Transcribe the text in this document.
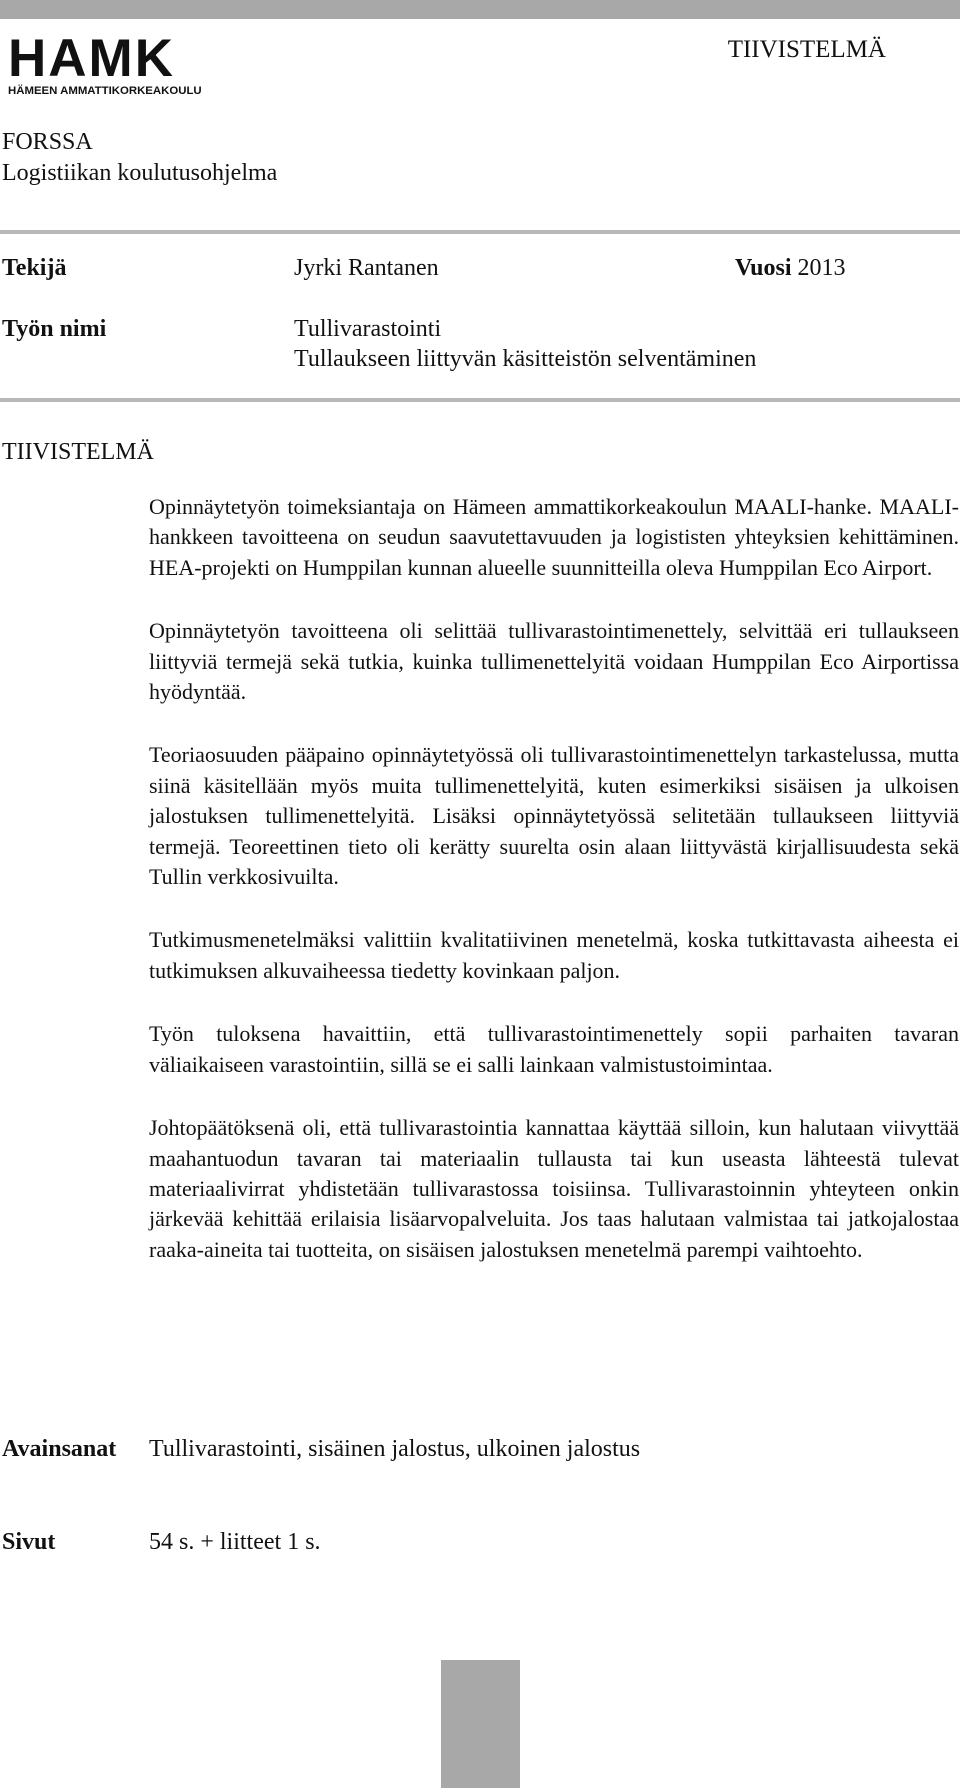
HAMK
HÄMEEN AMMATTIKORKEAKOULU
TIIVISTELMÄ
FORSSA
Logistiikan koulutusohjelma
Tekijä	Jyrki Rantanen	Vuosi 2013
Työn nimi	Tullivarastointi
Tullaukseen liittyvän käsitteistön selventäminen
TIIVISTELMÄ

Opinnäytetyön toimeksiantaja on Hämeen ammattikorkeakoulun MAALI-hanke. MAALI-hankkeen tavoitteena on seudun saavutettavuuden ja logististen yhteyksien kehittäminen. HEA-projekti on Humppilan kunnan alueelle suunnitteilla oleva Humppilan Eco Airport.

Opinnäytetyön tavoitteena oli selittää tullivarastointimenettely, selvittää eri tullaukseen liittyviä termejä sekä tutkia, kuinka tullimenettelyitä voidaan Humppilan Eco Airportissa hyödyntää.

Teoriaosuuden pääpaino opinnäytetyössä oli tullivarastointimenettelyn tarkastelussa, mutta siinä käsitellään myös muita tullimenettelyitä, kuten esimerkiksi sisäisen ja ulkoisen jalostuksen tullimenettelyitä. Lisäksi opinnäytetyössä selitetään tullaukseen liittyviä termejä. Teoreettinen tieto oli kerätty suurelta osin alaan liittyvästä kirjallisuudesta sekä Tullin verkkosivuilta.

Tutkimusmenetelmäksi valittiin kvalitatiivinen menetelmä, koska tutkittavasta aiheesta ei tutkimuksen alkuvaiheessa tiedetty kovinkaan paljon.

Työn tuloksena havaittiin, että tullivarastointimenettely sopii parhaiten tavaran väliaikaiseen varastointiin, sillä se ei salli lainkaan valmistustoimintaa.

Johtopäätöksenä oli, että tullivarastointia kannattaa käyttää silloin, kun halutaan viivyttää maahantuodun tavaran tai materiaalin tullausta tai kun useasta lähteestä tulevat materiaalivirrat yhdistetään tullivarastossa toisiinsa. Tullivarastoinnin yhteyteen onkin järkevää kehittää erilaisia lisäarvopalveluita. Jos taas halutaan valmistaa tai jatkojalostaa raaka-aineita tai tuotteita, on sisäisen jalostuksen menetelmä parempi vaihtoehto.

Avainsanat Tullivarastointi, sisäinen jalostus, ulkoinen jalostus
Sivut	54 s. + liitteet 1 s.
